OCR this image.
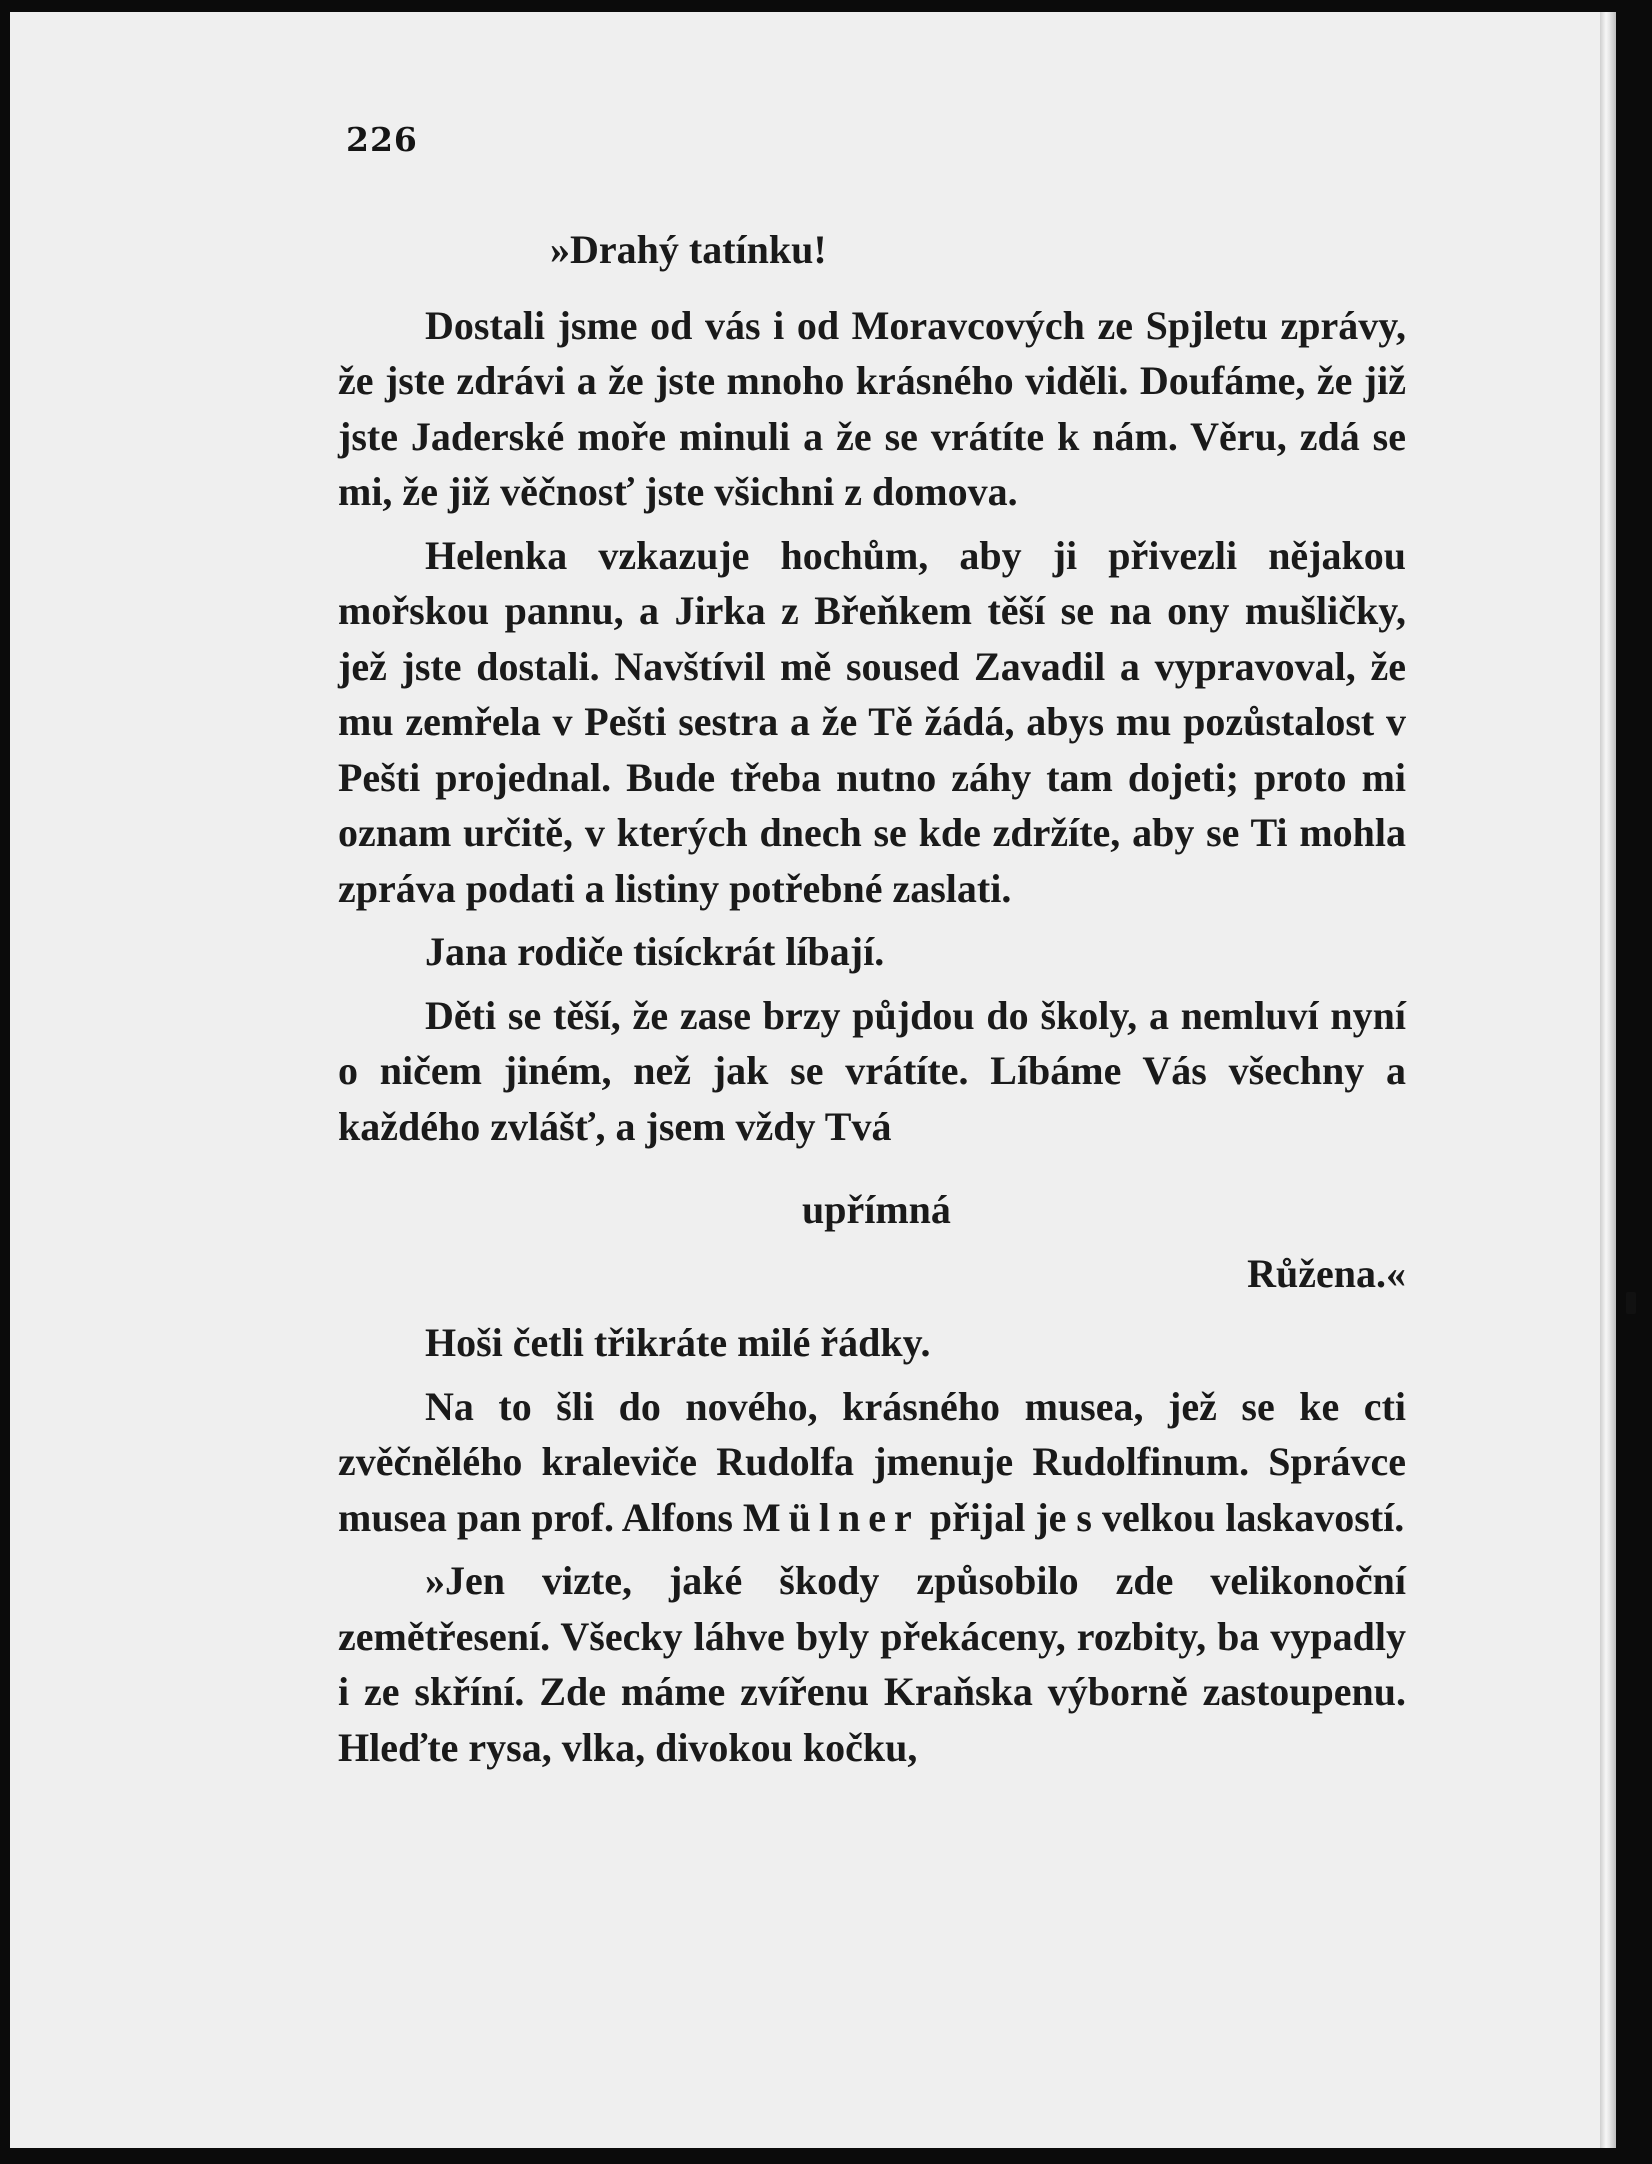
226

»Drahý tatínku!

Dostali jsme od vás i od Moravcových ze Spjletu zprávy, že jste zdrávi a že jste mnoho krásného viděli. Doufáme, že již jste Jaderské moře minuli a že se vrátíte k nám. Věru, zdá se mi, že již věčnosť jste všichni z domova.

Helenka vzkazuje hochům, aby ji přivezli nějakou mořskou pannu, a Jirka z Břeňkem těší se na ony mušličky, jež jste dostali. Navštívil mě soused Zavadil a vypravoval, že mu zemřela v Pešti sestra a že Tě žádá, abys mu pozůstalost v Pešti projednal. Bude třeba nutno záhy tam dojeti; proto mi oznam určitě, v kterých dnech se kde zdržíte, aby se Ti mohla zpráva podati a listiny potřebné zaslati.

Jana rodiče tisíckrát líbají.

Děti se těší, že zase brzy půjdou do školy, a nemluví nyní o ničem jiném, než jak se vrátíte. Líbáme Vás všechny a každého zvlášť, a jsem vždy Tvá

upřímná

Růžena.«

Hoši četli třikráte milé řádky.

Na to šli do nového, krásného musea, jež se ke cti zvěčnělého kraleviče Rudolfa jmenuje Rudolfinum. Správce musea pan prof. Alfons Mülner přijal je s velkou laskavostí.

»Jen vizte, jaké škody způsobilo zde velikonoční zemětřesení. Všecky láhve byly překáceny, rozbity, ba vypadly i ze skříní. Zde máme zvířenu Kraňska výborně zastoupenu. Hleďte rysa, vlka, divokou kočku,
